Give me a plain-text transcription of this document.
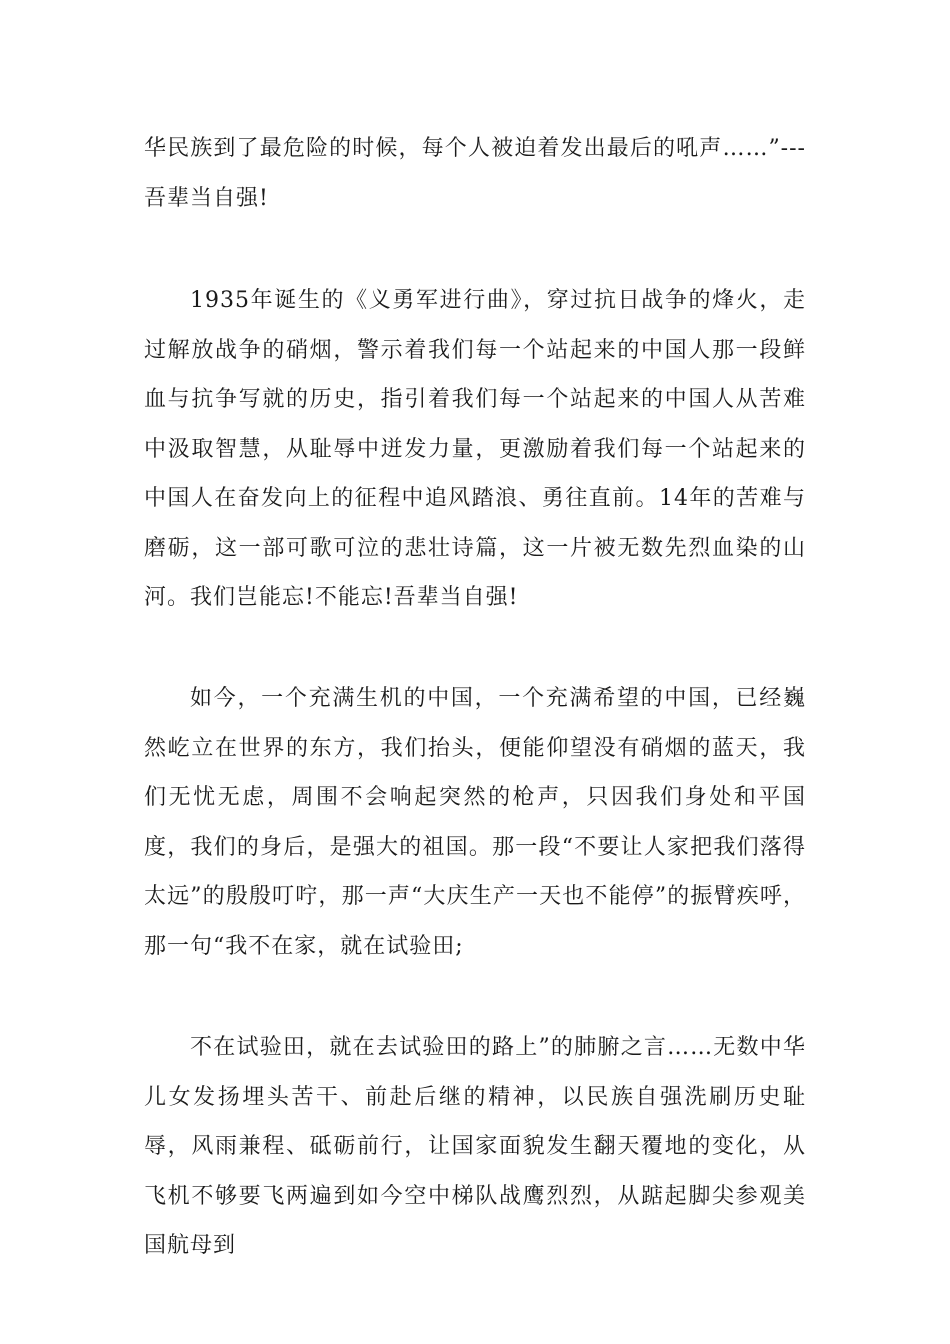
华民族到了最危险的时候，每个人被迫着发出最后的吼声……”---吾辈当自强!

1935年诞生的《义勇军进行曲》，穿过抗日战争的烽火，走过解放战争的硝烟，警示着我们每一个站起来的中国人那一段鲜血与抗争写就的历史，指引着我们每一个站起来的中国人从苦难中汲取智慧，从耻辱中迸发力量，更激励着我们每一个站起来的中国人在奋发向上的征程中追风踏浪、勇往直前。14年的苦难与磨砺，这一部可歌可泣的悲壮诗篇，这一片被无数先烈血染的山河。我们岂能忘!不能忘!吾辈当自强!

如今，一个充满生机的中国，一个充满希望的中国，已经巍然屹立在世界的东方，我们抬头，便能仰望没有硝烟的蓝天，我们无忧无虑，周围不会响起突然的枪声，只因我们身处和平国度，我们的身后，是强大的祖国。那一段“不要让人家把我们落得太远”的殷殷叮咛，那一声“大庆生产一天也不能停”的振臂疾呼，那一句“我不在家，就在试验田;

不在试验田，就在去试验田的路上”的肺腑之言……无数中华儿女发扬埋头苦干、前赴后继的精神，以民族自强洗刷历史耻辱，风雨兼程、砥砺前行，让国家面貌发生翻天覆地的变化，从飞机不够要飞两遍到如今空中梯队战鹰烈烈，从踮起脚尖参观美国航母到
